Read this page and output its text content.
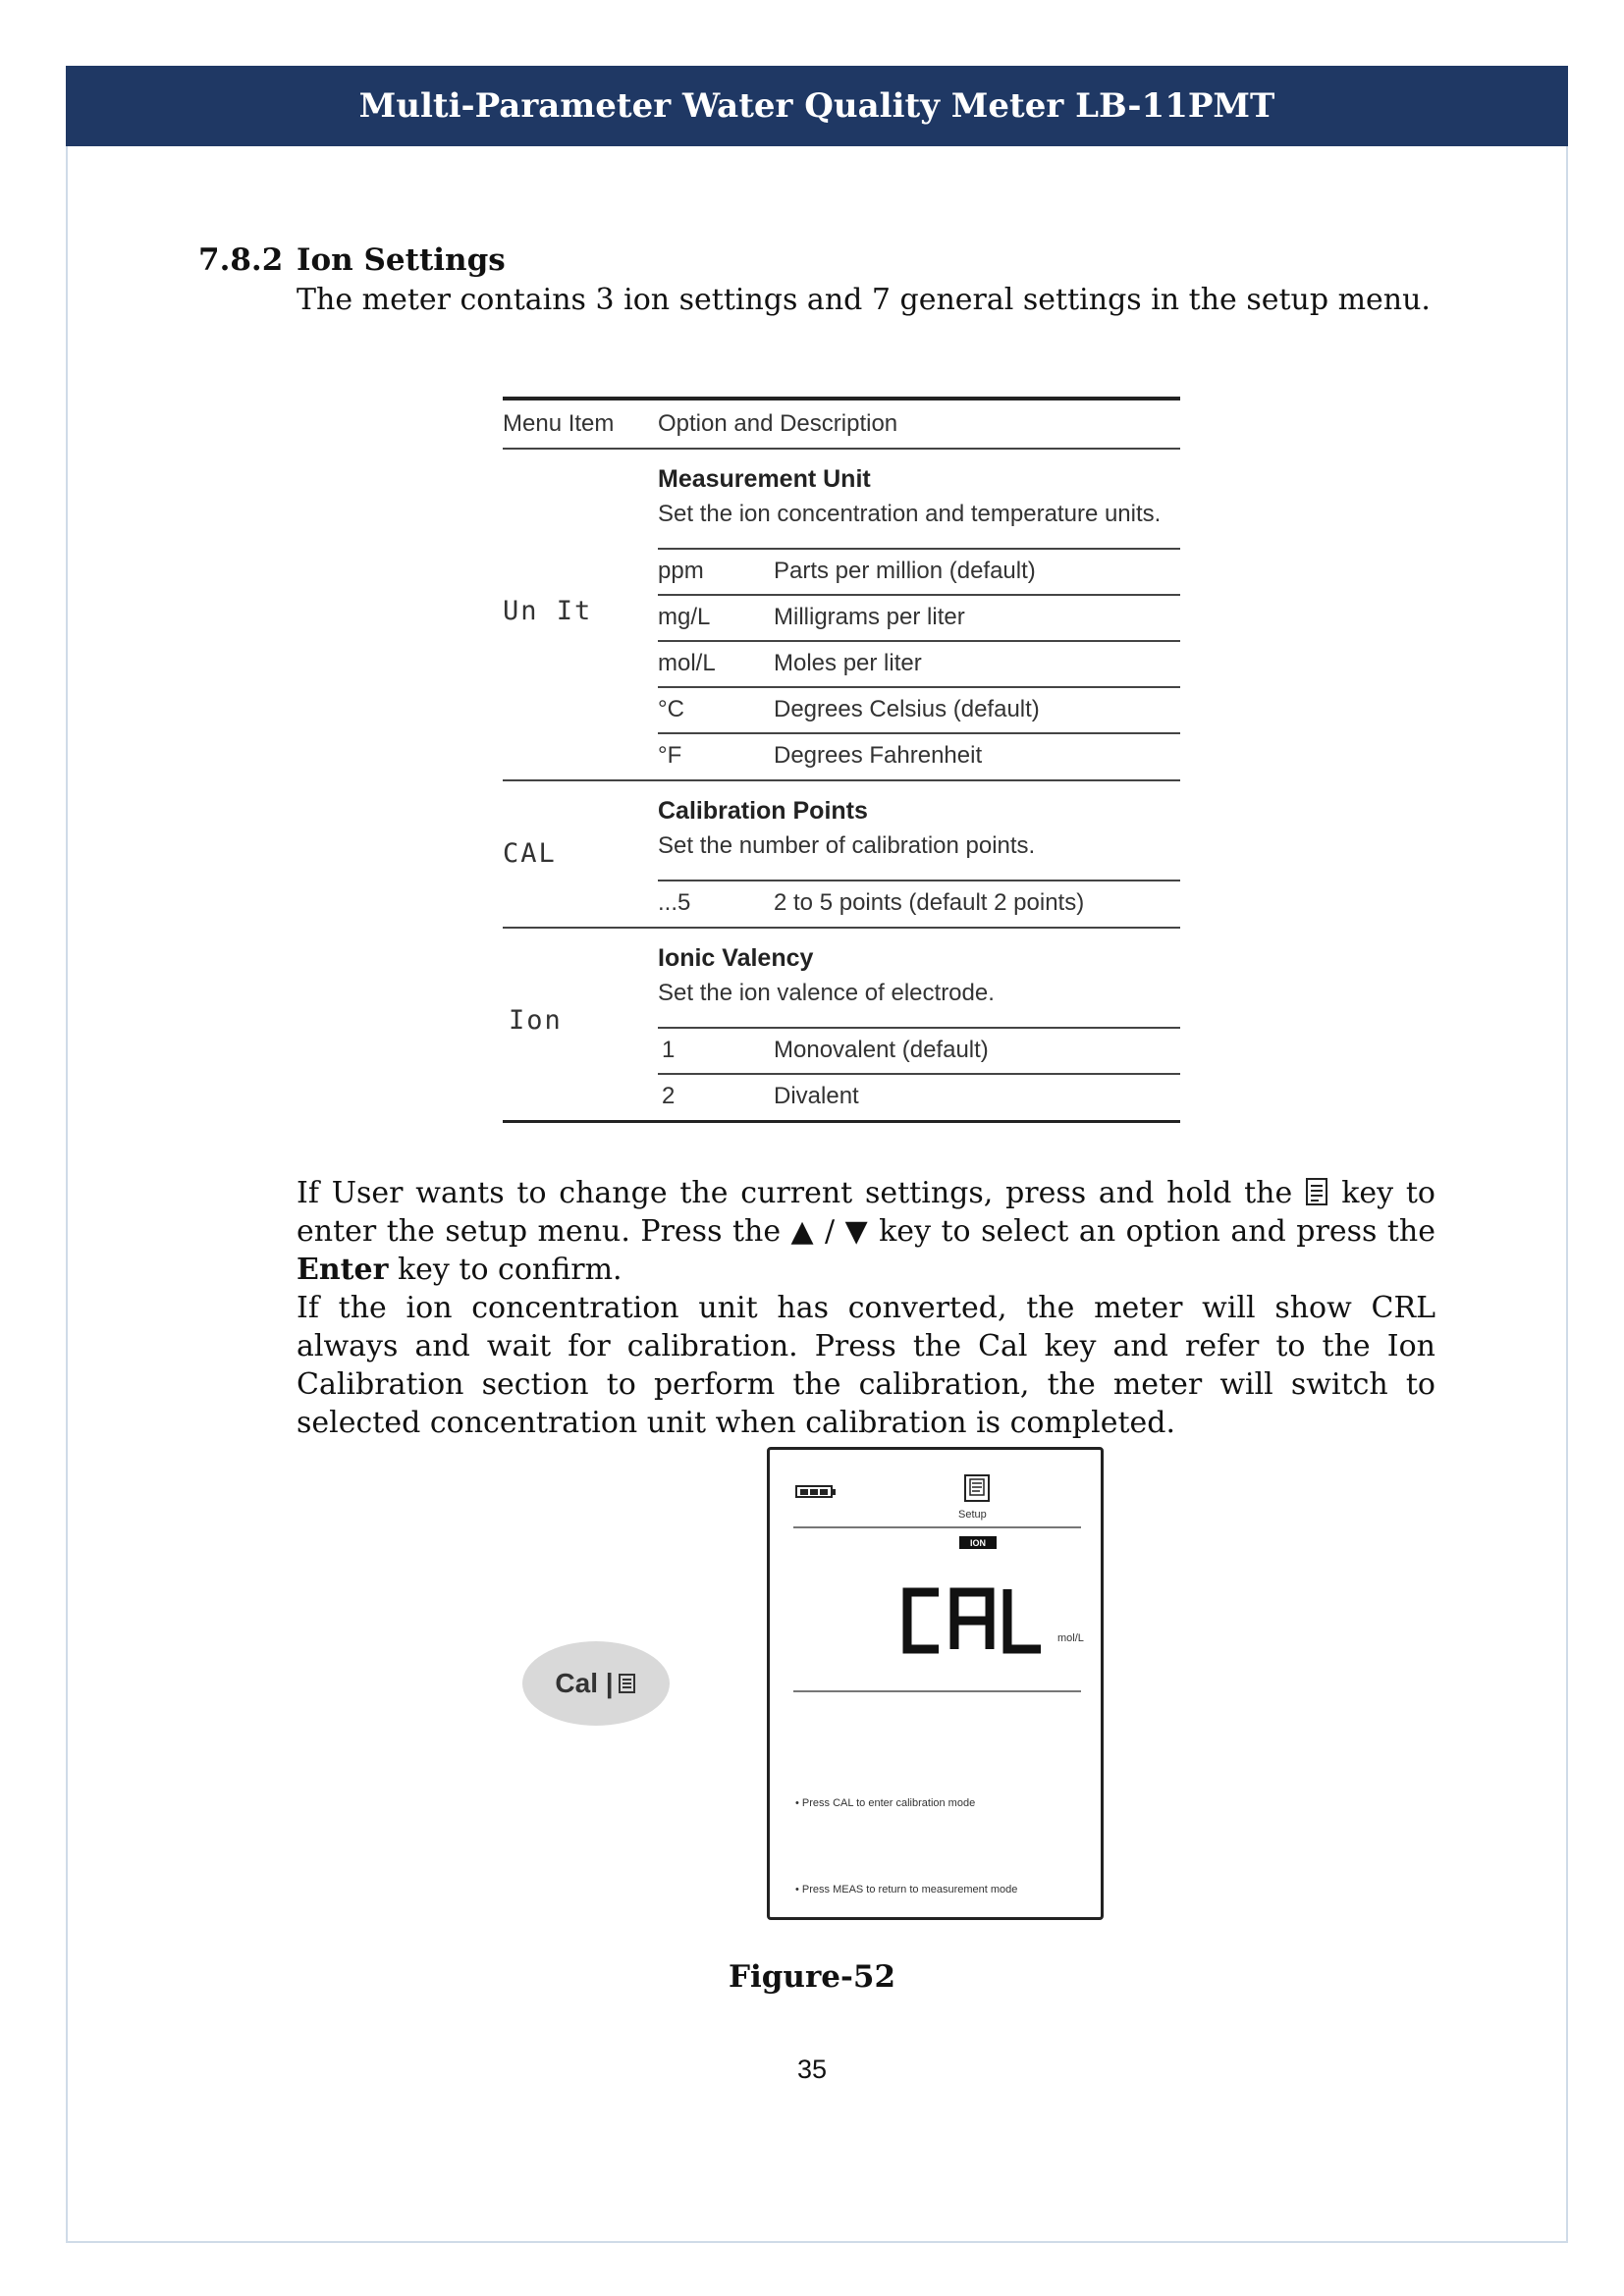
Multi-Parameter Water Quality Meter LB-11PMT
7.8.2 Ion Settings
The meter contains 3 ion settings and 7 general settings in the setup menu.
Menu Item Option and Description
Un It
Measurement Unit
Set the ion concentration and temperature units.
ppm	Parts per million (default)
mg/L	Milligrams per liter
mol/L Moles per liter
°C	Degrees Celsius (default)
°F	Degrees Fahrenheit
CAL
Calibration Points
Set the number of calibration points.
...5	2 to 5 points (default 2 points)
Ion
Ionic Valency
Set the ion valence of electrode.
1	Monovalent (default)
2	Divalent
If User wants to change the current settings, press and hold the key to enter the setup menu. Press the ▲ / ▼ key to select an option and press the Enter key to confirm.
If the ion concentration unit has converted, the meter will show CRL always and wait for calibration. Press the Cal key and refer to the Ion Calibration section to perform the calibration, the meter will switch to selected concentration unit when calibration is completed.
Cal |
Setup
ION
mol/L
• Press CAL to enter calibration mode
• Press MEAS to return to measurement mode
Figure-52
35
